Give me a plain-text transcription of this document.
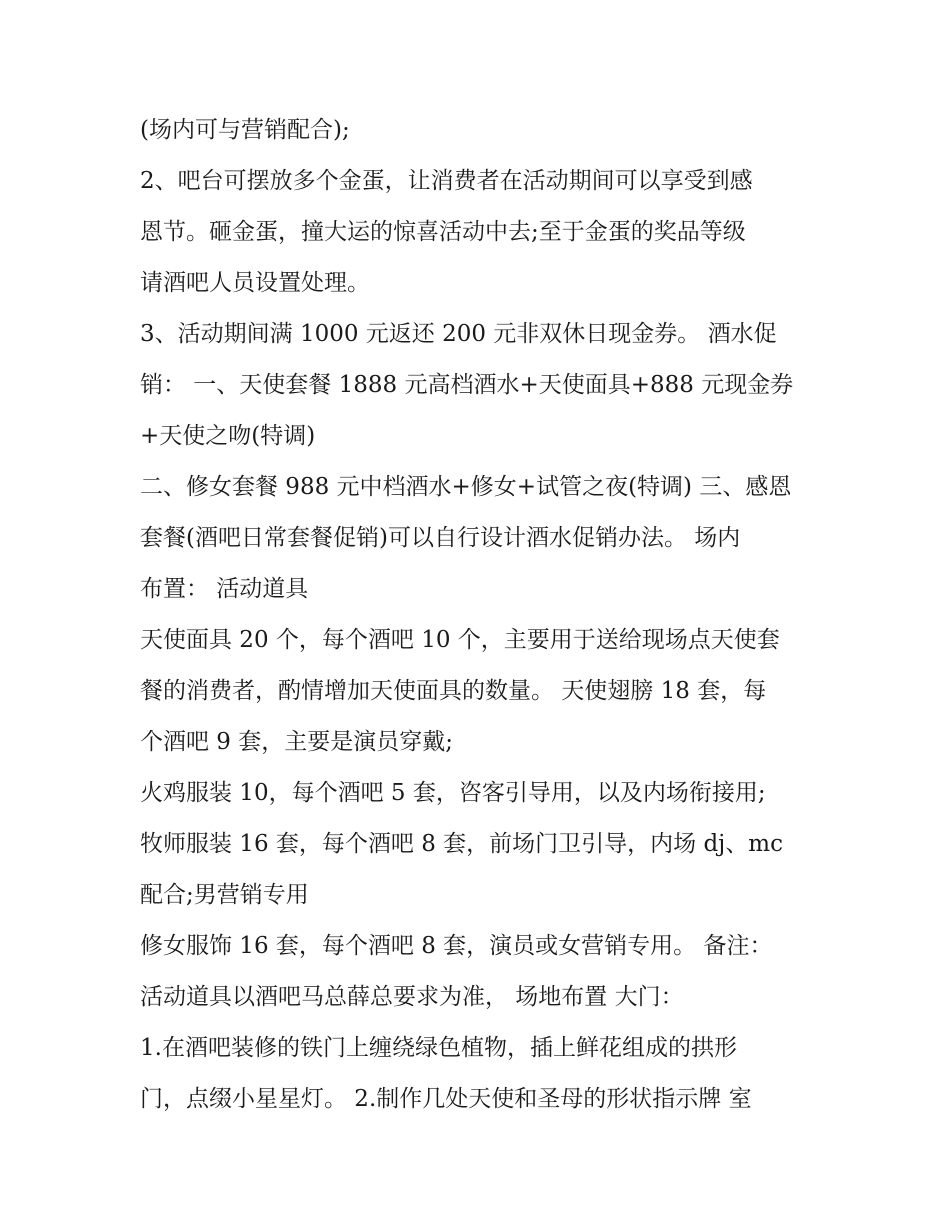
(场内可与营销配合);
2、吧台可摆放多个金蛋，让消费者在活动期间可以享受到感
恩节。砸金蛋，撞大运的惊喜活动中去;至于金蛋的奖品等级
请酒吧人员设置处理。
3、活动期间满 1000 元返还 200 元非双休日现金券。 酒水促
销： 一、天使套餐 1888 元高档酒水+天使面具+888 元现金券
+天使之吻(特调)
二、修女套餐 988 元中档酒水+修女+试管之夜(特调) 三、感恩
套餐(酒吧日常套餐促销)可以自行设计酒水促销办法。 场内
布置： 活动道具
天使面具 20 个，每个酒吧 10 个，主要用于送给现场点天使套
餐的消费者，酌情增加天使面具的数量。 天使翅膀 18 套，每
个酒吧 9 套，主要是演员穿戴;
火鸡服装 10，每个酒吧 5 套，咨客引导用，以及内场衔接用;
牧师服装 16 套，每个酒吧 8 套，前场门卫引导，内场 dj、mc
配合;男营销专用
修女服饰 16 套，每个酒吧 8 套，演员或女营销专用。 备注：
活动道具以酒吧马总薛总要求为准， 场地布置 大门：
1.在酒吧装修的铁门上缠绕绿色植物，插上鲜花组成的拱形
门，点缀小星星灯。 2.制作几处天使和圣母的形状指示牌 室
